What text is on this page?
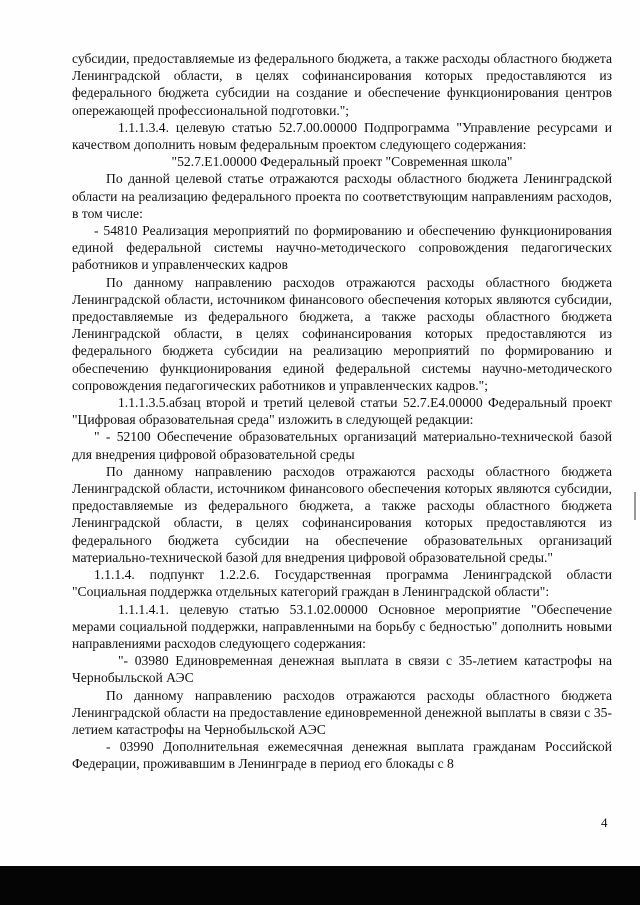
субсидии, предоставляемые из федерального бюджета, а также расходы областного бюджета Ленинградской области, в целях софинансирования которых предоставляются из федерального бюджета субсидии на создание и обеспечение функционирования центров опережающей профессиональной подготовки.";

1.1.1.3.4. целевую статью 52.7.00.00000 Подпрограмма "Управление ресурсами и качеством дополнить новым федеральным проектом следующего содержания:

"52.7.Е1.00000 Федеральный проект "Современная школа"

По данной целевой статье отражаются расходы областного бюджета Ленинградской области на реализацию федерального проекта по соответствующим направлениям расходов, в том числе:

- 54810 Реализация мероприятий по формированию и обеспечению функционирования единой федеральной системы научно-методического сопровождения педагогических работников и управленческих кадров

По данному направлению расходов отражаются расходы областного бюджета Ленинградской области, источником финансового обеспечения которых являются субсидии, предоставляемые из федерального бюджета, а также расходы областного бюджета Ленинградской области, в целях софинансирования которых предоставляются из федерального бюджета субсидии на реализацию мероприятий по формированию и обеспечению функционирования единой федеральной системы научно-методического сопровождения педагогических работников и управленческих кадров.";

1.1.1.3.5.абзац второй и третий целевой статьи 52.7.Е4.00000 Федеральный проект "Цифровая образовательная среда" изложить в следующей редакции:

" - 52100 Обеспечение образовательных организаций материально-технической базой для внедрения цифровой образовательной среды

По данному направлению расходов отражаются расходы областного бюджета Ленинградской области, источником финансового обеспечения которых являются субсидии, предоставляемые из федерального бюджета, а также расходы областного бюджета Ленинградской области, в целях софинансирования которых предоставляются из федерального бюджета субсидии на обеспечение образовательных организаций материально-технической базой для внедрения цифровой образовательной среды."

1.1.1.4. подпункт 1.2.2.6. Государственная программа Ленинградской области "Социальная поддержка отдельных категорий граждан в Ленинградской области":

1.1.1.4.1. целевую статью 53.1.02.00000 Основное мероприятие "Обеспечение мерами социальной поддержки, направленными на борьбу с бедностью" дополнить новыми направлениями расходов следующего содержания:

"- 03980 Единовременная денежная выплата в связи с 35-летием катастрофы на Чернобыльской АЭС

По данному направлению расходов отражаются расходы областного бюджета Ленинградской области на предоставление единовременной денежной выплаты в связи с 35-летием катастрофы на Чернобыльской АЭС

- 03990 Дополнительная ежемесячная денежная выплата гражданам Российской Федерации, проживавшим в Ленинграде в период его блокады с 8

4
